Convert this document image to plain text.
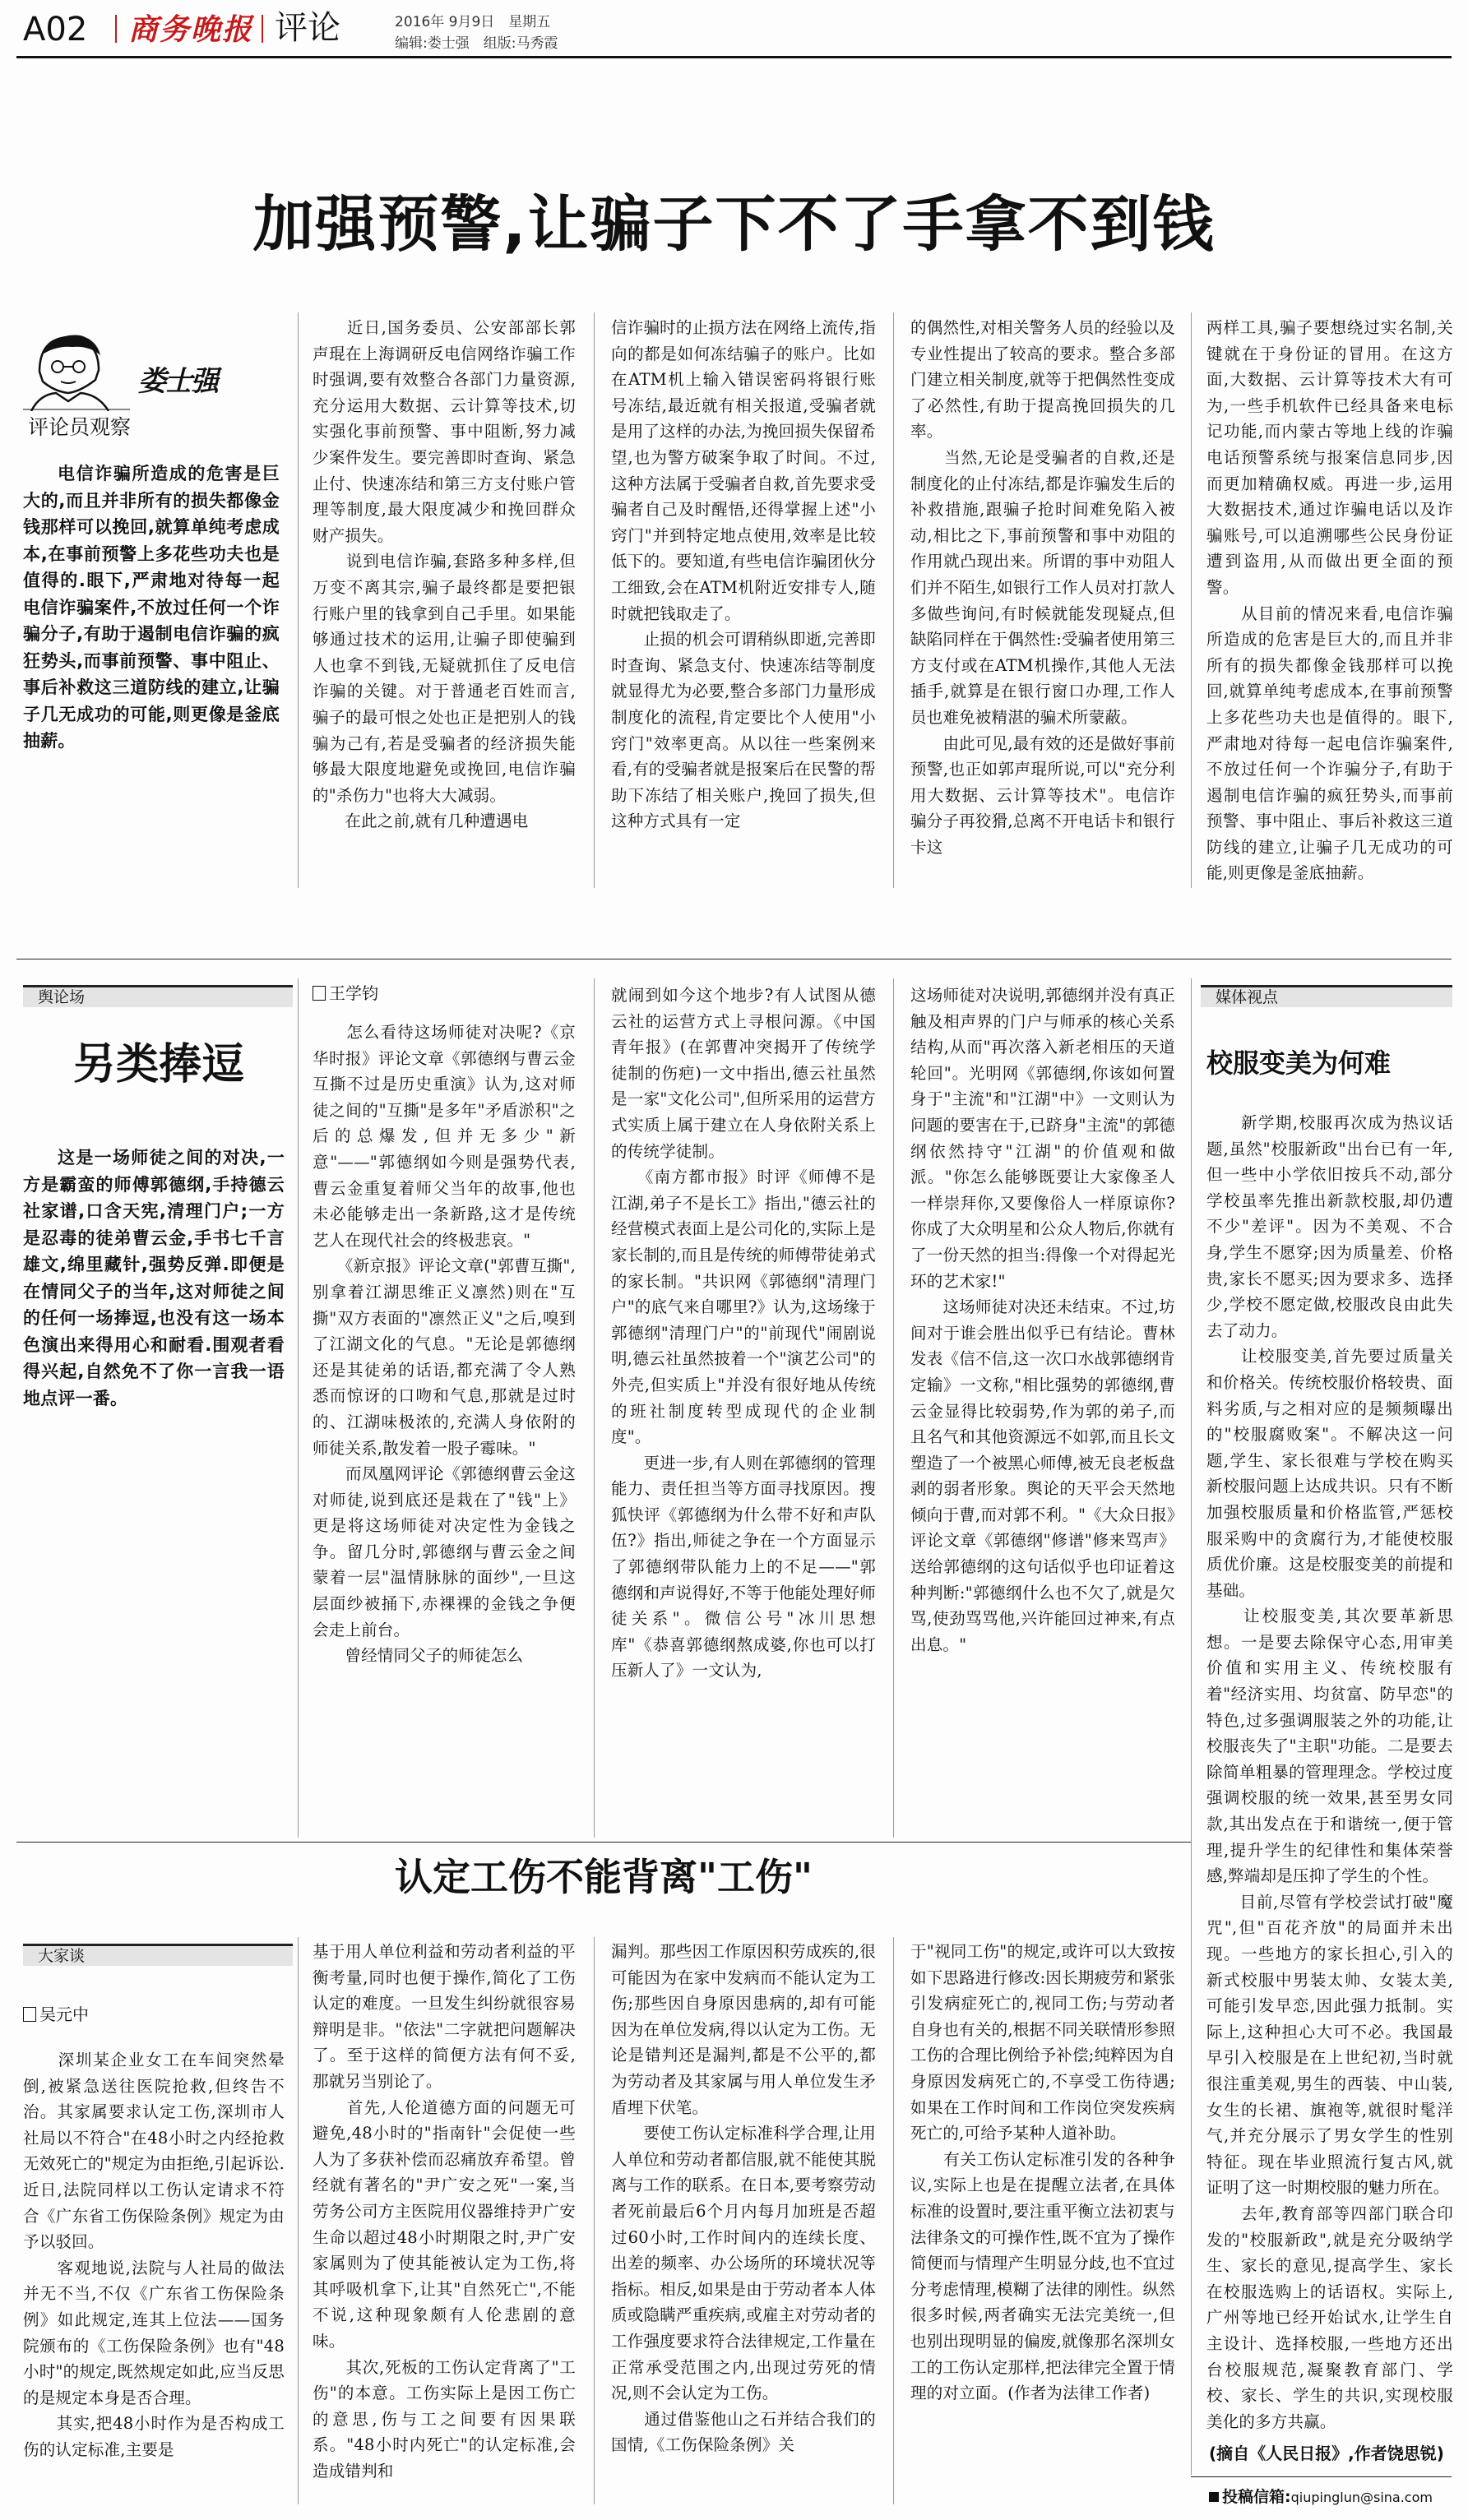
A02 商务晚报 评论	2016年 9月9日　星期五
编辑:娄士强　组版:马秀霞
加强预警,让骗子下不了手拿不到钱
娄士强
评论员观察
电信诈骗所造成的危害是巨大的,而且并非所有的损失都像金钱那样可以挽回,就算单纯考虑成本,在事前预警上多花些功夫也是值得的.眼下,严肃地对待每一起电信诈骗案件,不放过任何一个诈骗分子,有助于遏制电信诈骗的疯狂势头,而事前预警、事中阻止、事后补救这三道防线的建立,让骗子几无成功的可能,则更像是釜底抽薪。
　　近日,国务委员、公安部部长郭声琨在上海调研反电信网络诈骗工作时强调,要有效整合各部门力量资源,充分运用大数据、云计算等技术,切实强化事前预警、事中阻断,努力减少案件发生。要完善即时查询、紧急止付、快速冻结和第三方支付账户管理等制度,最大限度减少和挽回群众财产损失。
　　说到电信诈骗,套路多种多样,但万变不离其宗,骗子最终都是要把银行账户里的钱拿到自己手里。如果能够通过技术的运用,让骗子即使骗到人也拿不到钱,无疑就抓住了反电信诈骗的关键。对于普通老百姓而言,骗子的最可恨之处也正是把别人的钱骗为己有,若是受骗者的经济损失能够最大限度地避免或挽回,电信诈骗的"杀伤力"也将大大减弱。
　　在此之前,就有几种遭遇电
信诈骗时的止损方法在网络上流传,指向的都是如何冻结骗子的账户。比如在ATM机上输入错误密码将银行账号冻结,最近就有相关报道,受骗者就是用了这样的办法,为挽回损失保留希望,也为警方破案争取了时间。不过,这种方法属于受骗者自救,首先要求受骗者自己及时醒悟,还得掌握上述"小窍门"并到特定地点使用,效率是比较低下的。要知道,有些电信诈骗团伙分工细致,会在ATM机附近安排专人,随时就把钱取走了。
　　止损的机会可谓稍纵即逝,完善即时查询、紧急支付、快速冻结等制度就显得尤为必要,整合多部门力量形成制度化的流程,肯定要比个人使用"小窍门"效率更高。从以往一些案例来看,有的受骗者就是报案后在民警的帮助下冻结了相关账户,挽回了损失,但这种方式具有一定
的偶然性,对相关警务人员的经验以及专业性提出了较高的要求。整合多部门建立相关制度,就等于把偶然性变成了必然性,有助于提高挽回损失的几率。
　　当然,无论是受骗者的自救,还是制度化的止付冻结,都是诈骗发生后的补救措施,跟骗子抢时间难免陷入被动,相比之下,事前预警和事中劝阻的作用就凸现出来。所谓的事中劝阻人们并不陌生,如银行工作人员对打款人多做些询问,有时候就能发现疑点,但缺陷同样在于偶然性:受骗者使用第三方支付或在ATM机操作,其他人无法插手,就算是在银行窗口办理,工作人员也难免被精湛的骗术所蒙蔽。
　　由此可见,最有效的还是做好事前预警,也正如郭声琨所说,可以"充分利用大数据、云计算等技术"。电信诈骗分子再狡猾,总离不开电话卡和银行卡这
两样工具,骗子要想绕过实名制,关键就在于身份证的冒用。在这方面,大数据、云计算等技术大有可为,一些手机软件已经具备来电标记功能,而内蒙古等地上线的诈骗电话预警系统与报案信息同步,因而更加精确权威。再进一步,运用大数据技术,通过诈骗电话以及诈骗账号,可以追溯哪些公民身份证遭到盗用,从而做出更全面的预警。
　　从目前的情况来看,电信诈骗所造成的危害是巨大的,而且并非所有的损失都像金钱那样可以挽回,就算单纯考虑成本,在事前预警上多花些功夫也是值得的。眼下,严肃地对待每一起电信诈骗案件,不放过任何一个诈骗分子,有助于遏制电信诈骗的疯狂势头,而事前预警、事中阻止、事后补救这三道防线的建立,让骗子几无成功的可能,则更像是釜底抽薪。
舆论场
另类捧逗
这是一场师徒之间的对决,一方是霸蛮的师傅郭德纲,手持德云社家谱,口含天宪,清理门户;一方是忍毒的徒弟曹云金,手书七千言雄文,绵里藏针,强势反弹.即便是在情同父子的当年,这对师徒之间的任何一场捧逗,也没有这一场本色演出来得用心和耐看.围观者看得兴起,自然免不了你一言我一语地点评一番。
王学钧
　　怎么看待这场师徒对决呢?《京华时报》评论文章《郭德纲与曹云金互撕不过是历史重演》认为,这对师徒之间的"互撕"是多年"矛盾淤积"之后的总爆发,但并无多少"新意"——"郭德纲如今则是强势代表,曹云金重复着师父当年的故事,他也未必能够走出一条新路,这才是传统艺人在现代社会的终极悲哀。"
　　《新京报》评论文章("郭曹互撕",别拿着江湖思维正义凛然)则在"互撕"双方表面的"凛然正义"之后,嗅到了江湖文化的气息。"无论是郭德纲还是其徒弟的话语,都充满了令人熟悉而惊讶的口吻和气息,那就是过时的、江湖味极浓的,充满人身依附的师徒关系,散发着一股子霉味。"
　　而凤凰网评论《郭德纲曹云金这对师徒,说到底还是栽在了"钱"上》更是将这场师徒对决定性为金钱之争。留几分时,郭德纲与曹云金之间蒙着一层"温情脉脉的面纱",一旦这层面纱被捅下,赤裸裸的金钱之争便会走上前台。
　　曾经情同父子的师徒怎么
就闹到如今这个地步?有人试图从德云社的运营方式上寻根问源。《中国青年报》(在郭曹冲突揭开了传统学徒制的伤疤)一文中指出,德云社虽然是一家"文化公司",但所采用的运营方式实质上属于建立在人身依附关系上的传统学徒制。
　　《南方都市报》时评《师傅不是江湖,弟子不是长工》指出,"德云社的经营模式表面上是公司化的,实际上是家长制的,而且是传统的师傅带徒弟式的家长制。"共识网《郭德纲"清理门户"的底气来自哪里?》认为,这场缘于郭德纲"清理门户"的"前现代"闹剧说明,德云社虽然披着一个"演艺公司"的外壳,但实质上"并没有很好地从传统的班社制度转型成现代的企业制度"。
　　更进一步,有人则在郭德纲的管理能力、责任担当等方面寻找原因。搜狐快评《郭德纲为什么带不好和声队伍?》指出,师徒之争在一个方面显示了郭德纲带队能力上的不足——"郭德纲和声说得好,不等于他能处理好师徒关系"。微信公号"冰川思想库"《恭喜郭德纲熬成婆,你也可以打压新人了》一文认为,
这场师徒对决说明,郭德纲并没有真正触及相声界的门户与师承的核心关系结构,从而"再次落入新老相压的天道轮回"。光明网《郭德纲,你该如何置身于"主流"和"江湖"中》一文则认为问题的要害在于,已跻身"主流"的郭德纲依然持守"江湖"的价值观和做派。"你怎么能够既要让大家像圣人一样崇拜你,又要像俗人一样原谅你?你成了大众明星和公众人物后,你就有了一份天然的担当:得像一个对得起光环的艺术家!"
　　这场师徒对决还未结束。不过,坊间对于谁会胜出似乎已有结论。曹林发表《信不信,这一次口水战郭德纲肯定输》一文称,"相比强势的郭德纲,曹云金显得比较弱势,作为郭的弟子,而且名气和其他资源远不如郭,而且长文塑造了一个被黑心师傅,被无良老板盘剥的弱者形象。舆论的天平会天然地倾向于曹,而对郭不利。"《大众日报》评论文章《郭德纲"修谱"修来骂声》送给郭德纲的这句话似乎也印证着这种判断:"郭德纲什么也不欠了,就是欠骂,使劲骂骂他,兴许能回过神来,有点出息。"
媒体视点
校服变美为何难
　　新学期,校服再次成为热议话题,虽然"校服新政"出台已有一年,但一些中小学依旧按兵不动,部分学校虽率先推出新款校服,却仍遭不少"差评"。因为不美观、不合身,学生不愿穿;因为质量差、价格贵,家长不愿买;因为要求多、选择少,学校不愿定做,校服改良由此失去了动力。
　　让校服变美,首先要过质量关和价格关。传统校服价格较贵、面料劣质,与之相对应的是频频曝出的"校服腐败案"。不解决这一问题,学生、家长很难与学校在购买新校服问题上达成共识。只有不断加强校服质量和价格监管,严惩校服采购中的贪腐行为,才能使校服质优价廉。这是校服变美的前提和基础。
　　让校服变美,其次要革新思想。一是要去除保守心态,用审美价值和实用主义、传统校服有着"经济实用、均贫富、防早恋"的特色,过多强调服装之外的功能,让校服丧失了"主职"功能。二是要去除简单粗暴的管理理念。学校过度强调校服的统一效果,甚至男女同款,其出发点在于和谐统一,便于管理,提升学生的纪律性和集体荣誉感,弊端却是压抑了学生的个性。
　　目前,尽管有学校尝试打破"魔咒",但"百花齐放"的局面并未出现。一些地方的家长担心,引入的新式校服中男装太帅、女装太美,可能引发早恋,因此强力抵制。实际上,这种担心大可不必。我国最早引入校服是在上世纪初,当时就很注重美观,男生的西装、中山装,女生的长裙、旗袍等,就很时髦洋气,并充分展示了男女学生的性别特征。现在毕业照流行复古风,就证明了这一时期校服的魅力所在。
　　去年,教育部等四部门联合印发的"校服新政",就是充分吸纳学生、家长的意见,提高学生、家长在校服选购上的话语权。实际上,广州等地已经开始试水,让学生自主设计、选择校服,一些地方还出台校服规范,凝聚教育部门、学校、家长、学生的共识,实现校服美化的多方共赢。
(摘自《人民日报》,作者饶思锐)
认定工伤不能背离"工伤"
大家谈
吴元中
　　深圳某企业女工在车间突然晕倒,被紧急送往医院抢救,但终告不治。其家属要求认定工伤,深圳市人社局以不符合"在48小时之内经抢救无效死亡的"规定为由拒绝,引起诉讼.近日,法院同样以工伤认定请求不符合《广东省工伤保险条例》规定为由予以驳回。
　　客观地说,法院与人社局的做法并无不当,不仅《广东省工伤保险条例》如此规定,连其上位法——国务院颁布的《工伤保险条例》也有"48小时"的规定,既然规定如此,应当反思的是规定本身是否合理。
　　其实,把48小时作为是否构成工伤的认定标准,主要是
基于用人单位利益和劳动者利益的平衡考量,同时也便于操作,简化了工伤认定的难度。一旦发生纠纷就很容易辩明是非。"依法"二字就把问题解决了。至于这样的简便方法有何不妥,那就另当别论了。
　　首先,人伦道德方面的问题无可避免,48小时的"指南针"会促使一些人为了多获补偿而忍痛放弃希望。曾经就有著名的"尹广安之死"一案,当劳务公司方主医院用仪器维持尹广安生命以超过48小时期限之时,尹广安家属则为了使其能被认定为工伤,将其呼吸机拿下,让其"自然死亡",不能不说,这种现象颇有人伦悲剧的意味。
　　其次,死板的工伤认定背离了"工伤"的本意。工伤实际上是因工伤亡的意思,伤与工之间要有因果联系。"48小时内死亡"的认定标准,会造成错判和
漏判。那些因工作原因积劳成疾的,很可能因为在家中发病而不能认定为工伤;那些因自身原因患病的,却有可能因为在单位发病,得以认定为工伤。无论是错判还是漏判,都是不公平的,都为劳动者及其家属与用人单位发生矛盾埋下伏笔。
　　要使工伤认定标准科学合理,让用人单位和劳动者都信服,就不能使其脱离与工作的联系。在日本,要考察劳动者死前最后6个月内每月加班是否超过60小时,工作时间内的连续长度、出差的频率、办公场所的环境状况等指标。相反,如果是由于劳动者本人体质或隐瞒严重疾病,或雇主对劳动者的工作强度要求符合法律规定,工作量在正常承受范围之内,出现过劳死的情况,则不会认定为工伤。
　　通过借鉴他山之石并结合我们的国情,《工伤保险条例》关
于"视同工伤"的规定,或许可以大致按如下思路进行修改:因长期疲劳和紧张引发病症死亡的,视同工伤;与劳动者自身也有关的,根据不同关联情形参照工伤的合理比例给予补偿;纯粹因为自身原因发病死亡的,不享受工伤待遇;如果在工作时间和工作岗位突发疾病死亡的,可给予某种人道补助。
　　有关工伤认定标准引发的各种争议,实际上也是在提醒立法者,在具体标准的设置时,要注重平衡立法初衷与法律条文的可操作性,既不宜为了操作简便而与情理产生明显分歧,也不宜过分考虑情理,模糊了法律的刚性。纵然很多时候,两者确实无法完美统一,但也别出现明显的偏废,就像那名深圳女工的工伤认定那样,把法律完全置于情理的对立面。(作者为法律工作者)
投稿信箱:qiupinglun@sina.com
